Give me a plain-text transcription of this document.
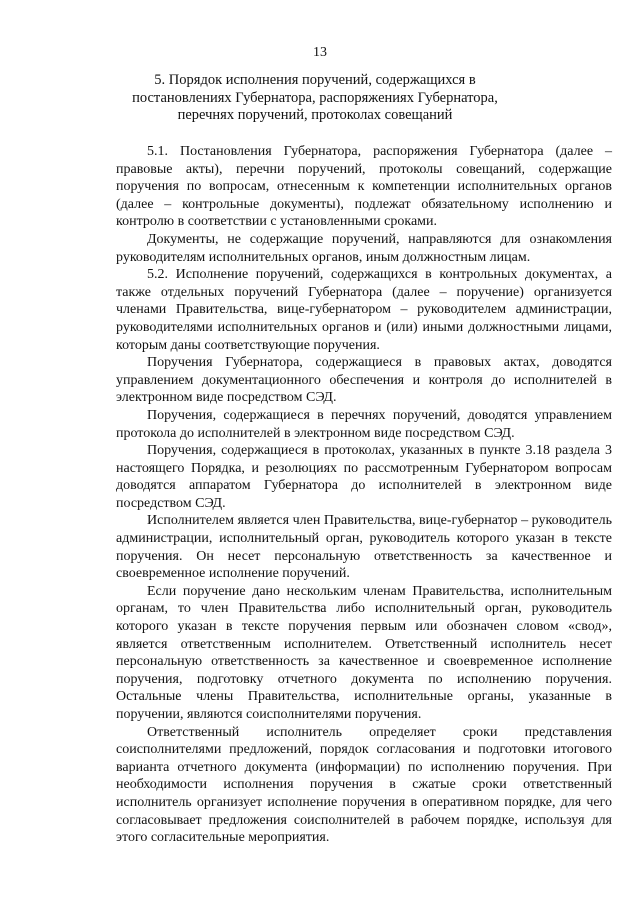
13
5. Порядок исполнения поручений, содержащихся в постановлениях Губернатора, распоряжениях Губернатора, перечнях поручений, протоколах совещаний

5.1. Постановления Губернатора, распоряжения Губернатора (далее – правовые акты), перечни поручений, протоколы совещаний, содержащие поручения по вопросам, отнесенным к компетенции исполнительных органов (далее – контрольные документы), подлежат обязательному исполнению и контролю в соответствии с установленными сроками.

Документы, не содержащие поручений, направляются для ознакомления руководителям исполнительных органов, иным должностным лицам.

5.2. Исполнение поручений, содержащихся в контрольных документах, а также отдельных поручений Губернатора (далее – поручение) организуется членами Правительства, вице-губернатором – руководителем администрации, руководителями исполнительных органов и (или) иными должностными лицами, которым даны соответствующие поручения.

Поручения Губернатора, содержащиеся в правовых актах, доводятся управлением документационного обеспечения и контроля до исполнителей в электронном виде посредством СЭД.

Поручения, содержащиеся в перечнях поручений, доводятся управлением протокола до исполнителей в электронном виде посредством СЭД.

Поручения, содержащиеся в протоколах, указанных в пункте 3.18 раздела 3 настоящего Порядка, и резолюциях по рассмотренным Губернатором вопросам доводятся аппаратом Губернатора до исполнителей в электронном виде посредством СЭД.

Исполнителем является член Правительства, вице-губернатор – руководитель администрации, исполнительный орган, руководитель которого указан в тексте поручения. Он несет персональную ответственность за качественное и своевременное исполнение поручений.

Если поручение дано нескольким членам Правительства, исполнительным органам, то член Правительства либо исполнительный орган, руководитель которого указан в тексте поручения первым или обозначен словом «свод», является ответственным исполнителем. Ответственный исполнитель несет персональную ответственность за качественное и своевременное исполнение поручения, подготовку отчетного документа по исполнению поручения. Остальные члены Правительства, исполнительные органы, указанные в поручении, являются соисполнителями поручения.

Ответственный исполнитель определяет сроки представления соисполнителями предложений, порядок согласования и подготовки итогового варианта отчетного документа (информации) по исполнению поручения. При необходимости исполнения поручения в сжатые сроки ответственный исполнитель организует исполнение поручения в оперативном порядке, для чего согласовывает предложения соисполнителей в рабочем порядке, используя для этого согласительные мероприятия.
